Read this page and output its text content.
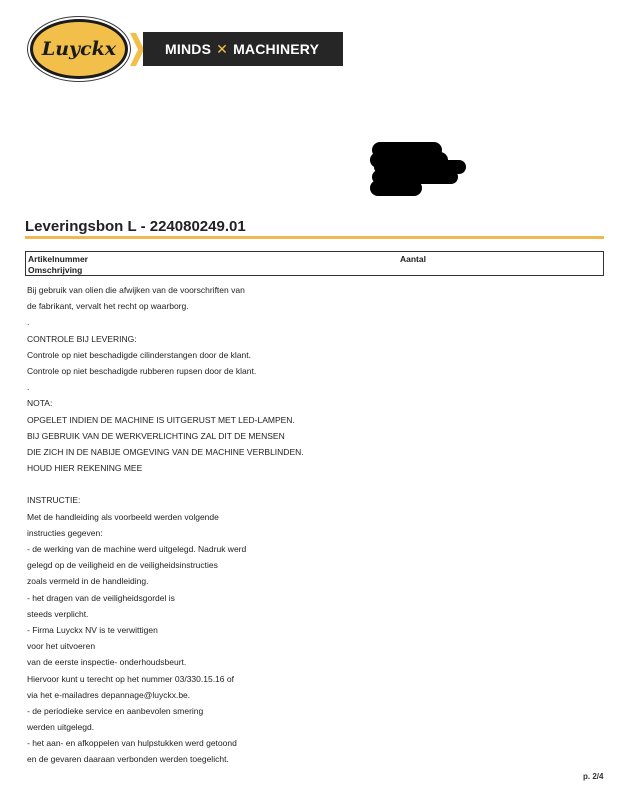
Luyckx	MINDS ✕ MACHINERY
Leveringsbon L - 224080249.01
Artikelnummer
Omschrijving
Aantal
Bij gebruik van olien die afwijken van de voorschriften van
de fabrikant, vervalt het recht op waarborg.
.
CONTROLE BIJ LEVERING:
Controle op niet beschadigde cilinderstangen door de klant.
Controle op niet beschadigde rubberen rupsen door de klant.
.
NOTA:
OPGELET INDIEN DE MACHINE IS UITGERUST MET LED-LAMPEN.
BIJ GEBRUIK VAN DE WERKVERLICHTING ZAL DIT DE MENSEN
DIE ZICH IN DE NABIJE OMGEVING VAN DE MACHINE VERBLINDEN.
HOUD HIER REKENING MEE
INSTRUCTIE:
Met de handleiding als voorbeeld werden volgende
instructies gegeven:
- de werking van de machine werd uitgelegd. Nadruk werd
gelegd op de veiligheid en de veiligheidsinstructies
zoals vermeld in de handleiding.
- het dragen van de veiligheidsgordel is
steeds verplicht.
- Firma Luyckx NV is te verwittigen
voor het uitvoeren
van de eerste inspectie- onderhoudsbeurt.
Hiervoor kunt u terecht op het nummer 03/330.15.16 of
via het e-mailadres depannage@luyckx.be.
- de periodieke service en aanbevolen smering
werden uitgelegd.
- het aan- en afkoppelen van hulpstukken werd getoond
en de gevaren daaraan verbonden werden toegelicht.
p. 2/4
